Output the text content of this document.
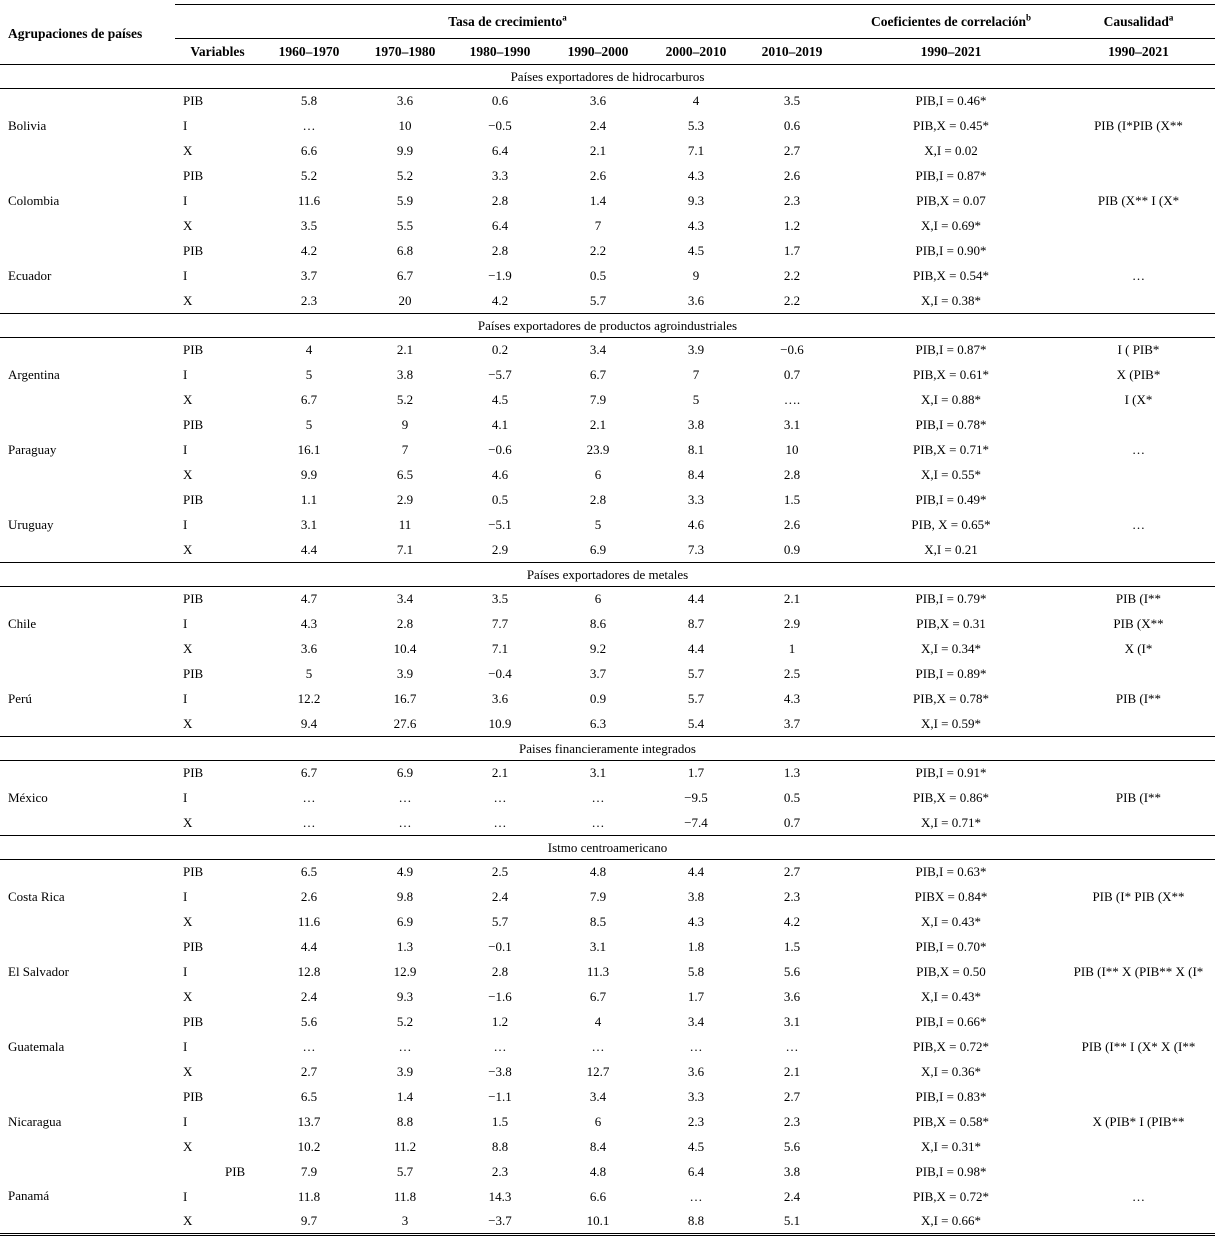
Agrupaciones de países	Tasa de crecimiento$^a$							Coeficientes de correlación$^b$	Causalidad$^a$
	Variables	1960–1970	1970–1980	1980–1990	1990–2000	2000–2010	2010–2019	1990–2021	1990–2021
Países exportadores de hidrocarburos									
Bolivia	PIB	5.8	3.6	0.6	3.6	4	3.5	PIB,I = 0.46*	
	I	…	10	−0.5	2.4	5.3	0.6	PIB,X = 0.45*	PIB (I*PIB (X**
	X	6.6	9.9	6.4	2.1	7.1	2.7	X,I = 0.02	
Colombia	PIB	5.2	5.2	3.3	2.6	4.3	2.6	PIB,I = 0.87*	
	I	11.6	5.9	2.8	1.4	9.3	2.3	PIB,X = 0.07	PIB (X** I (X*
	X	3.5	5.5	6.4	7	4.3	1.2	X,I = 0.69*	
Ecuador	PIB	4.2	6.8	2.8	2.2	4.5	1.7	PIB,I = 0.90*	
	I	3.7	6.7	−1.9	0.5	9	2.2	PIB,X = 0.54*	…
	X	2.3	20	4.2	5.7	3.6	2.2	X,I = 0.38*	
Países exportadores de productos agroindustriales									
Argentina	PIB	4	2.1	0.2	3.4	3.9	−0.6	PIB,I = 0.87*	I ( PIB*
	I	5	3.8	−5.7	6.7	7	0.7	PIB,X = 0.61*	X (PIB*
	X	6.7	5.2	4.5	7.9	5	….	X,I = 0.88*	I (X*
Paraguay	PIB	5	9	4.1	2.1	3.8	3.1	PIB,I = 0.78*	
	I	16.1	7	−0.6	23.9	8.1	10	PIB,X = 0.71*	…
	X	9.9	6.5	4.6	6	8.4	2.8	X,I = 0.55*	
Uruguay	PIB	1.1	2.9	0.5	2.8	3.3	1.5	PIB,I = 0.49*	
	I	3.1	11	−5.1	5	4.6	2.6	PIB, X = 0.65*	…
	X	4.4	7.1	2.9	6.9	7.3	0.9	X,I = 0.21	
Países exportadores de metales									
Chile	PIB	4.7	3.4	3.5	6	4.4	2.1	PIB,I = 0.79*	PIB (I**
	I	4.3	2.8	7.7	8.6	8.7	2.9	PIB,X = 0.31	PIB (X**
	X	3.6	10.4	7.1	9.2	4.4	1	X,I = 0.34*	X (I*
Perú	PIB	5	3.9	−0.4	3.7	5.7	2.5	PIB,I = 0.89*	
	I	12.2	16.7	3.6	0.9	5.7	4.3	PIB,X = 0.78*	PIB (I**
	X	9.4	27.6	10.9	6.3	5.4	3.7	X,I = 0.59*	
Paises financieramente integrados									
México	PIB	6.7	6.9	2.1	3.1	1.7	1.3	PIB,I = 0.91*	
	I	…	…	…	…	−9.5	0.5	PIB,X = 0.86*	PIB (I**
	X	…	…	…	…	−7.4	0.7	X,I = 0.71*	
Istmo centroamericano									
Costa Rica	PIB	6.5	4.9	2.5	4.8	4.4	2.7	PIB,I = 0.63*	
	I	2.6	9.8	2.4	7.9	3.8	2.3	PIBX = 0.84*	PIB (I* PIB (X**
	X	11.6	6.9	5.7	8.5	4.3	4.2	X,I = 0.43*	
El Salvador	PIB	4.4	1.3	−0.1	3.1	1.8	1.5	PIB,I = 0.70*	
	I	12.8	12.9	2.8	11.3	5.8	5.6	PIB,X = 0.50	PIB (I** X (PIB** X (I*
	X	2.4	9.3	−1.6	6.7	1.7	3.6	X,I = 0.43*	
Guatemala	PIB	5.6	5.2	1.2	4	3.4	3.1	PIB,I = 0.66*	
	I	…	…	…	…	…	…	PIB,X = 0.72*	PIB (I** I (X* X (I**
	X	2.7	3.9	−3.8	12.7	3.6	2.1	X,I = 0.36*	
Nicaragua	PIB	6.5	1.4	−1.1	3.4	3.3	2.7	PIB,I = 0.83*	
	I	13.7	8.8	1.5	6	2.3	2.3	PIB,X = 0.58*	X (PIB* I (PIB**
	X	10.2	11.2	8.8	8.4	4.5	5.6	X,I = 0.31*	
Panamá	PIB	7.9	5.7	2.3	4.8	6.4	3.8	PIB,I = 0.98*	
	I	11.8	11.8	14.3	6.6	…	2.4	PIB,X = 0.72*	…
	X	9.7	3	−3.7	10.1	8.8	5.1	X,I = 0.66*	
